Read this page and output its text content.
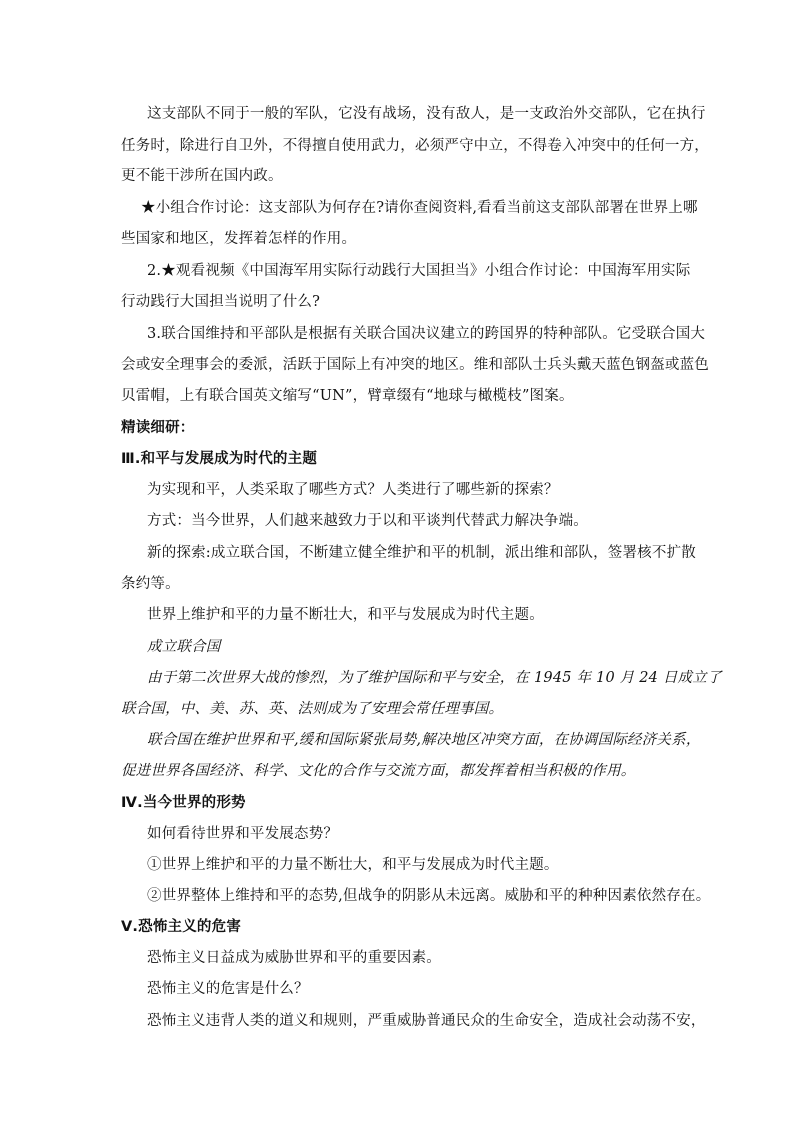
这支部队不同于一般的军队，它没有战场，没有敌人，是一支政治外交部队，它在执行
任务时，除进行自卫外，不得擅自使用武力，必须严守中立，不得卷入冲突中的任何一方，
更不能干涉所在国内政。
★小组合作讨论：这支部队为何存在?请你查阅资料,看看当前这支部队部署在世界上哪
些国家和地区，发挥着怎样的作用。
2.★观看视频《中国海军用实际行动践行大国担当》小组合作讨论：中国海军用实际
行动践行大国担当说明了什么?
3.联合国维持和平部队是根据有关联合国决议建立的跨国界的特种部队。它受联合国大
会或安全理事会的委派，活跃于国际上有冲突的地区。维和部队士兵头戴天蓝色钢盔或蓝色
贝雷帽，上有联合国英文缩写“UN”，臂章缀有“地球与橄榄枝”图案。
精读细研：
Ⅲ.和平与发展成为时代的主题
为实现和平，人类采取了哪些方式？人类进行了哪些新的探索？
方式：当今世界，人们越来越致力于以和平谈判代替武力解决争端。
新的探索:成立联合国，不断建立健全维护和平的机制，派出维和部队，签署核不扩散
条约等。
世界上维护和平的力量不断壮大，和平与发展成为时代主题。
成立联合国
由于第二次世界大战的惨烈，为了维护国际和平与安全，在 1945 年 10 月 24 日成立了
联合国，中、美、苏、英、法则成为了安理会常任理事国。
联合国在维护世界和平,缓和国际紧张局势,解决地区冲突方面，在协调国际经济关系，
促进世界各国经济、科学、文化的合作与交流方面，都发挥着相当积极的作用。
Ⅳ.当今世界的形势
如何看待世界和平发展态势？
①世界上维护和平的力量不断壮大，和平与发展成为时代主题。
②世界整体上维持和平的态势,但战争的阴影从未远离。威胁和平的种种因素依然存在。
Ⅴ.恐怖主义的危害
恐怖主义日益成为威胁世界和平的重要因素。
恐怖主义的危害是什么？
恐怖主义违背人类的道义和规则，严重威胁普通民众的生命安全，造成社会动荡不安，
